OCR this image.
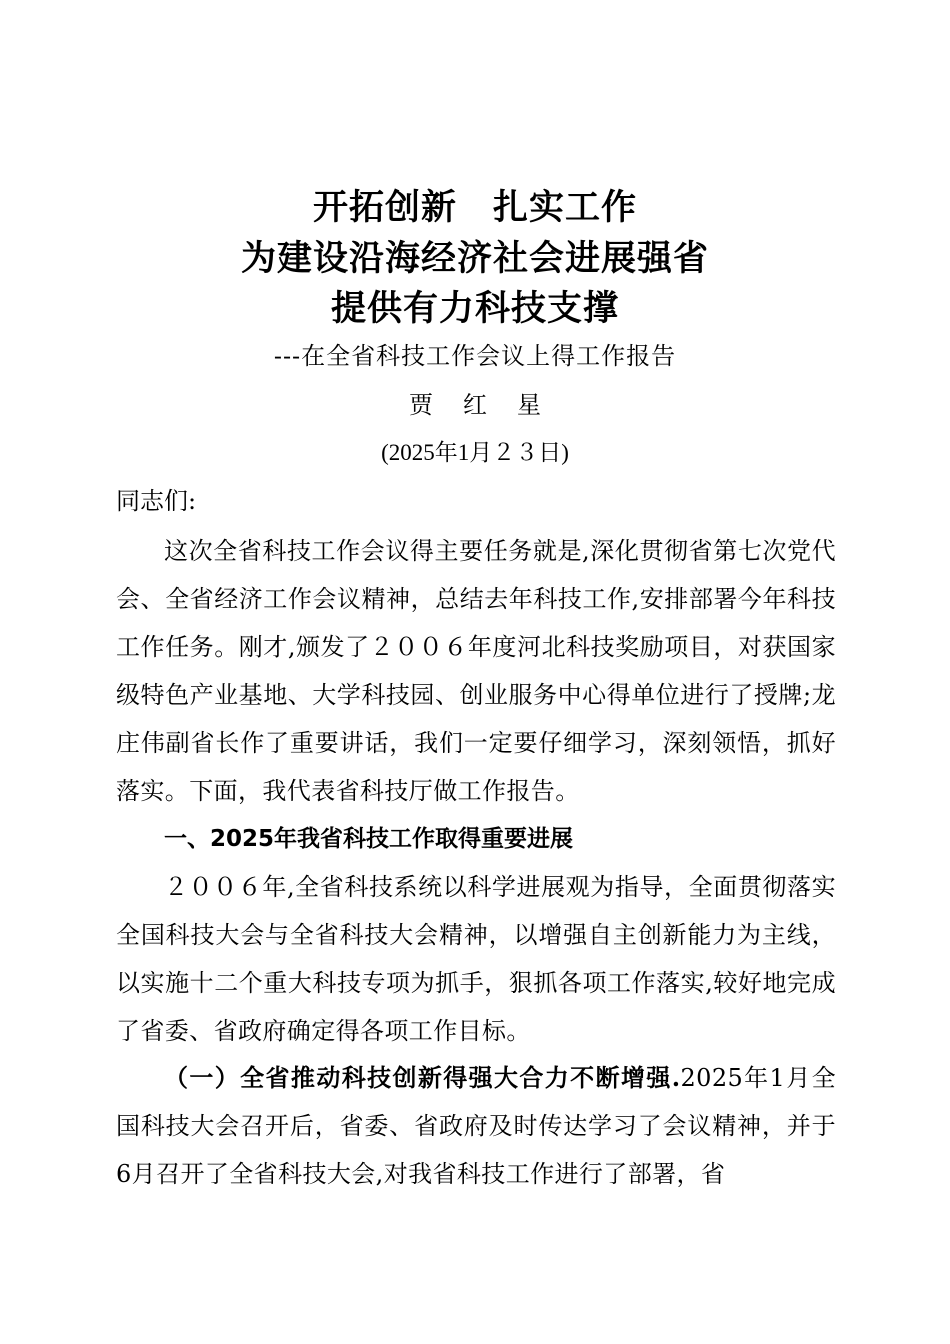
开拓创新　扎实工作
为建设沿海经济社会进展强省
提供有力科技支撑
---在全省科技工作会议上得工作报告
贾红星
(2025年1月２３日)
同志们:
这次全省科技工作会议得主要任务就是,深化贯彻省第七次党代会、全省经济工作会议精神，总结去年科技工作,安排部署今年科技工作任务。刚才,颁发了２００６年度河北科技奖励项目，对获国家级特色产业基地、大学科技园、创业服务中心得单位进行了授牌;龙庄伟副省长作了重要讲话，我们一定要仔细学习，深刻领悟，抓好落实。下面，我代表省科技厅做工作报告。
一、2025年我省科技工作取得重要进展
２００６年,全省科技系统以科学进展观为指导，全面贯彻落实全国科技大会与全省科技大会精神，以增强自主创新能力为主线，以实施十二个重大科技专项为抓手，狠抓各项工作落实,较好地完成了省委、省政府确定得各项工作目标。
（一）全省推动科技创新得强大合力不断增强.2025年1月全国科技大会召开后，省委、省政府及时传达学习了会议精神，并于6月召开了全省科技大会,对我省科技工作进行了部署，省
